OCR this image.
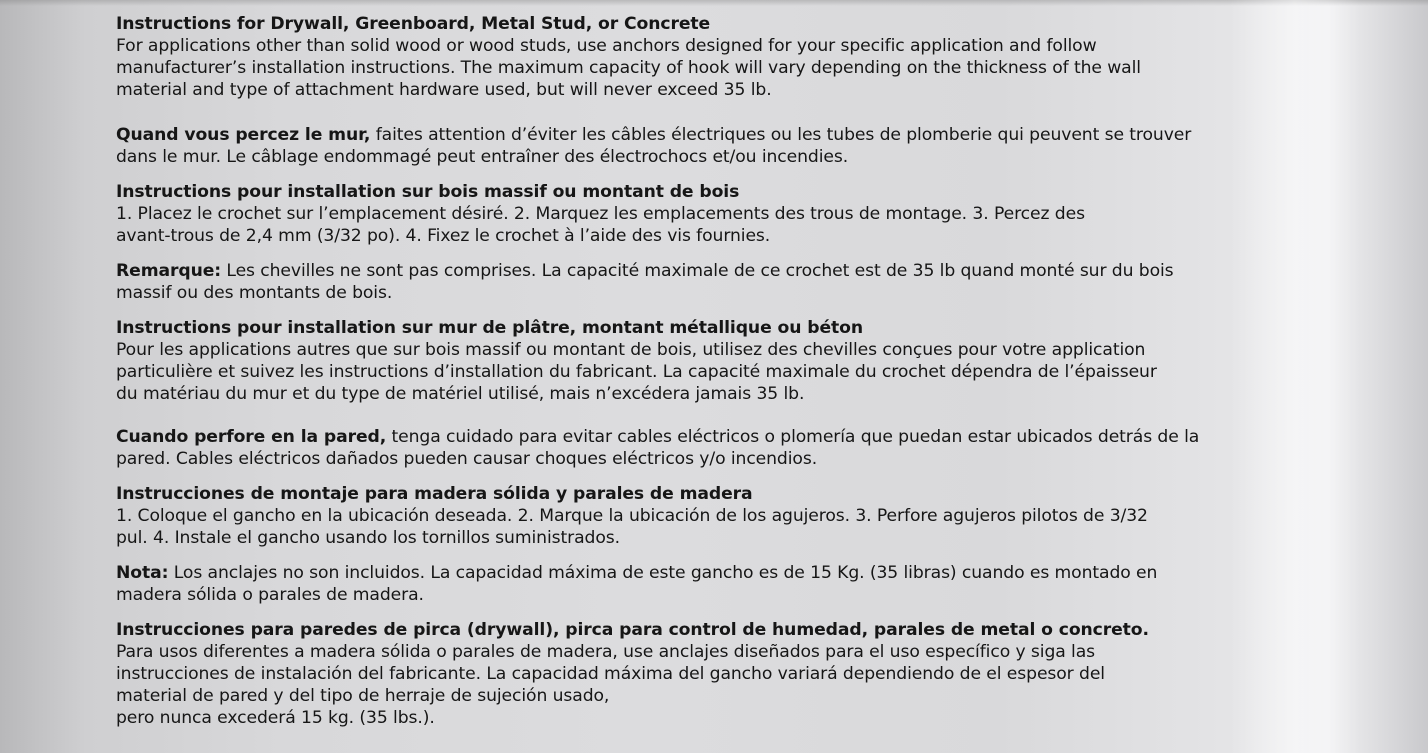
Instructions for Drywall, Greenboard, Metal Stud, or Concrete
For applications other than solid wood or wood studs, use anchors designed for your specific application and follow
manufacturer’s installation instructions. The maximum capacity of hook will vary depending on the thickness of the wall
material and type of attachment hardware used, but will never exceed 35 lb.
Quand vous percez le mur, faites attention d’éviter les câbles électriques ou les tubes de plomberie qui peuvent se trouver
dans le mur. Le câblage endommagé peut entraîner des électrochocs et/ou incendies.
Instructions pour installation sur bois massif ou montant de bois
1. Placez le crochet sur l’emplacement désiré. 2. Marquez les emplacements des trous de montage. 3. Percez des
avant-trous de 2,4 mm (3/32 po). 4. Fixez le crochet à l’aide des vis fournies.
Remarque: Les chevilles ne sont pas comprises. La capacité maximale de ce crochet est de 35 lb quand monté sur du bois
massif ou des montants de bois.
Instructions pour installation sur mur de plâtre, montant métallique ou béton
Pour les applications autres que sur bois massif ou montant de bois, utilisez des chevilles conçues pour votre application
particulière et suivez les instructions d’installation du fabricant. La capacité maximale du crochet dépendra de l’épaisseur
du matériau du mur et du type de matériel utilisé, mais n’excédera jamais 35 lb.
Cuando perfore en la pared, tenga cuidado para evitar cables eléctricos o plomería que puedan estar ubicados detrás de la
pared. Cables eléctricos dañados pueden causar choques eléctricos y/o incendios.
Instrucciones de montaje para madera sólida y parales de madera
1. Coloque el gancho en la ubicación deseada. 2. Marque la ubicación de los agujeros. 3. Perfore agujeros pilotos de 3/32
pul. 4. Instale el gancho usando los tornillos suministrados.
Nota: Los anclajes no son incluidos. La capacidad máxima de este gancho es de 15 Kg. (35 libras) cuando es montado en
madera sólida o parales de madera.
Instrucciones para paredes de pirca (drywall), pirca para control de humedad, parales de metal o concreto.
Para usos diferentes a madera sólida o parales de madera, use anclajes diseñados para el uso específico y siga las
instrucciones de instalación del fabricante. La capacidad máxima del gancho variará dependiendo de el espesor del
material de pared y del tipo de herraje de sujeción usado,
pero nunca excederá 15 kg. (35 lbs.).
